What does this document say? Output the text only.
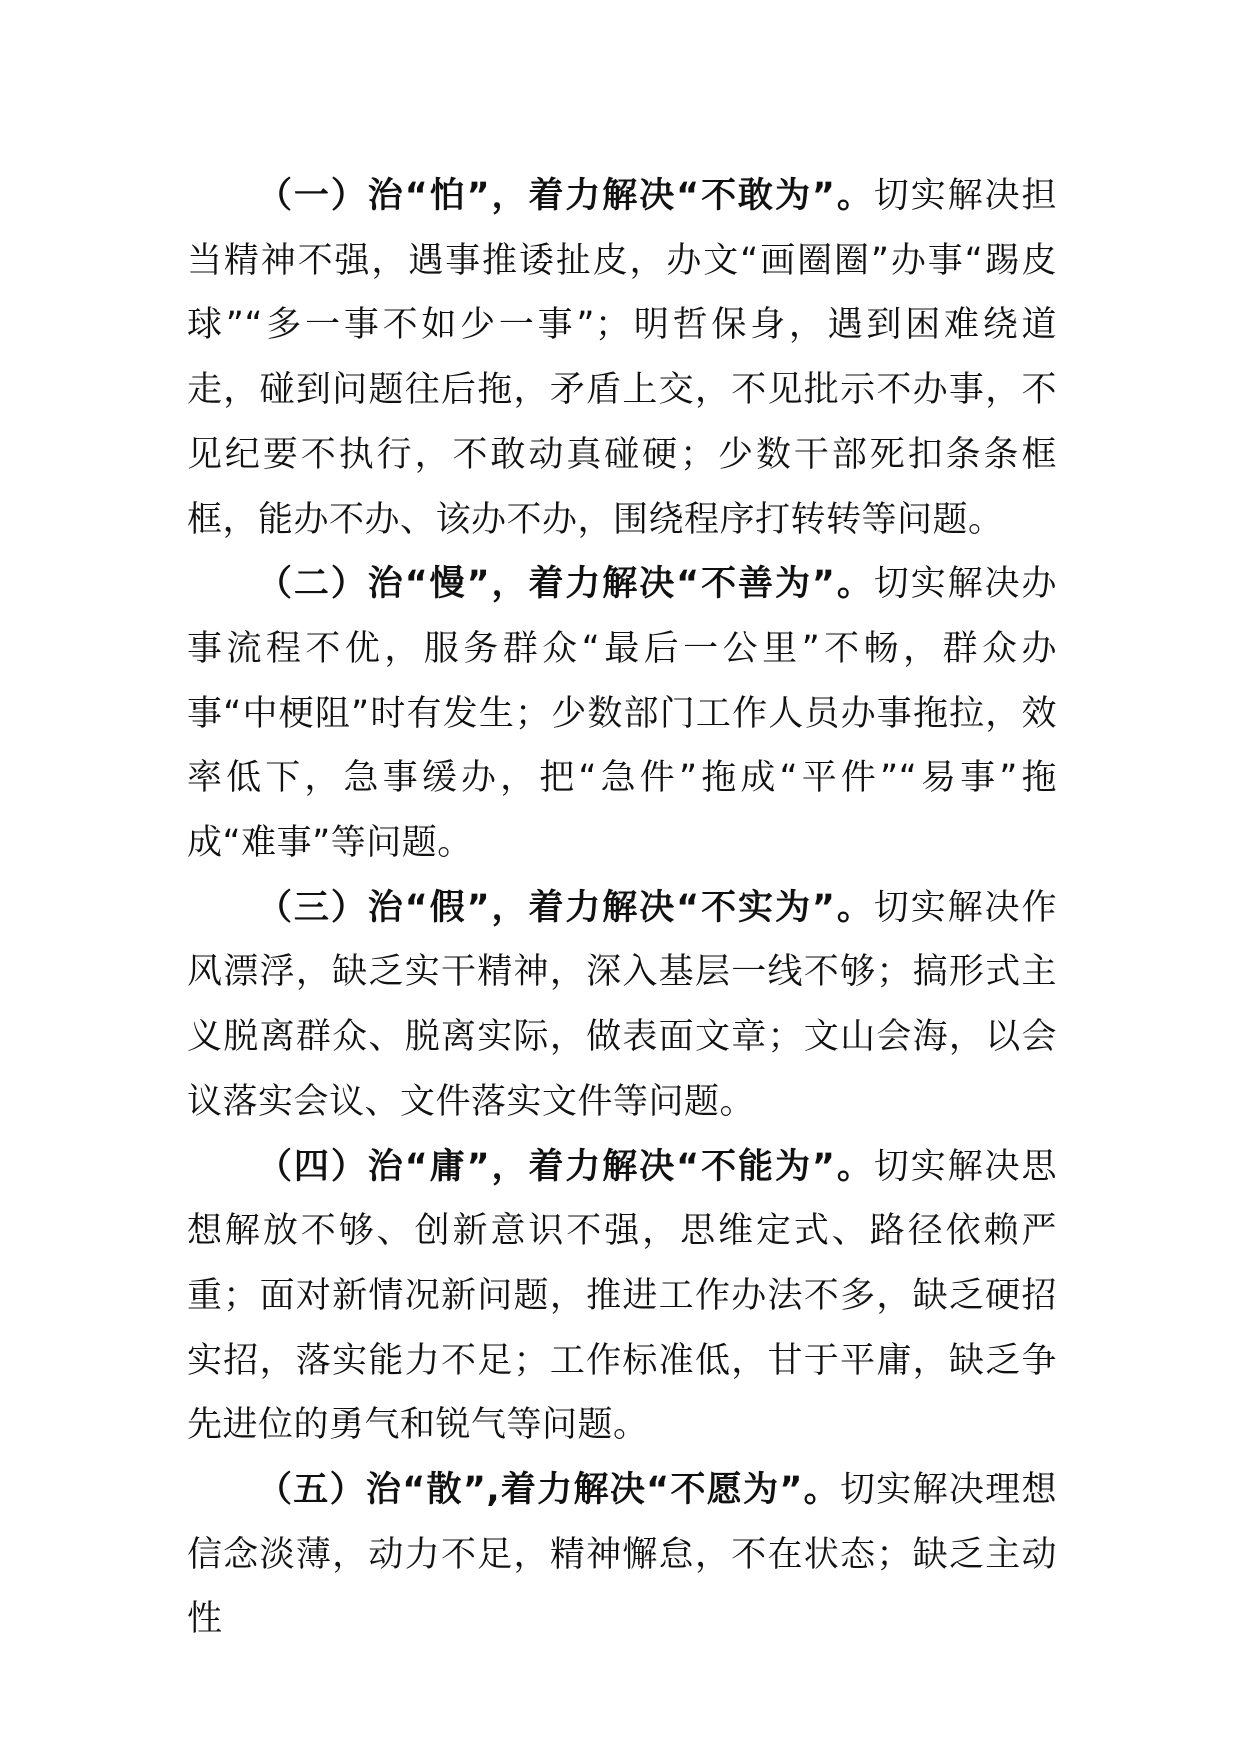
（一）治“怕”，着力解决“不敢为”。切实解决担当精神不强，遇事推诿扯皮，办文“画圈圈”办事“踢皮球”“多一事不如少一事”；明哲保身，遇到困难绕道走，碰到问题往后拖，矛盾上交，不见批示不办事，不见纪要不执行，不敢动真碰硬；少数干部死扣条条框框，能办不办、该办不办，围绕程序打转转等问题。

（二）治“慢”，着力解决“不善为”。切实解决办事流程不优，服务群众“最后一公里”不畅，群众办事“中梗阻”时有发生；少数部门工作人员办事拖拉，效率低下，急事缓办，把“急件”拖成“平件”“易事”拖成“难事”等问题。

（三）治“假”，着力解决“不实为”。切实解决作风漂浮，缺乏实干精神，深入基层一线不够；搞形式主义脱离群众、脱离实际，做表面文章；文山会海，以会议落实会议、文件落实文件等问题。

（四）治“庸”，着力解决“不能为”。切实解决思想解放不够、创新意识不强，思维定式、路径依赖严重；面对新情况新问题，推进工作办法不多，缺乏硬招实招，落实能力不足；工作标准低，甘于平庸，缺乏争先进位的勇气和锐气等问题。

（五）治“散”,着力解决“不愿为”。切实解决理想信念淡薄，动力不足，精神懈怠，不在状态；缺乏主动性
